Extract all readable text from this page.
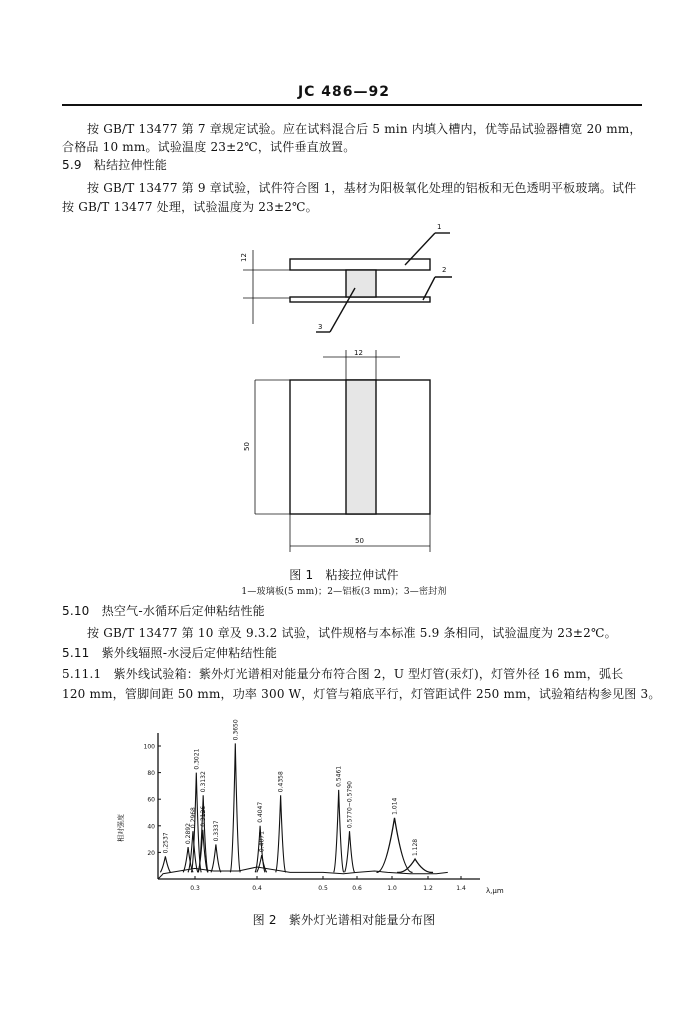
JC 486—92
按 GB/T 13477 第 7 章规定试验。应在试料混合后 5 min 内填入槽内，优等品试验器槽宽 20 mm，
合格品 10 mm。试验温度 23±2℃，试件垂直放置。
5.9　粘结拉伸性能
按 GB/T 13477 第 9 章试验，试件符合图 1，基材为阳极氧化处理的铝板和无色透明平板玻璃。试件
按 GB/T 13477 处理，试验温度为 23±2℃。
1
2
3
12
12
50
50
图 1　粘接拉伸试件
1—玻璃板(5 mm)；2—铝板(3 mm)；3—密封剂
5.10　热空气-水循环后定伸粘结性能
按 GB/T 13477 第 10 章及 9.3.2 试验，试件规格与本标准 5.9 条相同，试验温度为 23±2℃。
5.11　紫外线辐照-水浸后定伸粘结性能
5.11.1　紫外线试验箱：紫外灯光谱相对能量分布符合图 2，U 型灯管(汞灯)，灯管外径 16 mm，弧长
120 mm，管脚间距 50 mm，功率 300 W，灯管与箱底平行，灯管距试件 250 mm，试验箱结构参见图 3。
20
40
60
80
100
0.3	0.4	0.5	0.6	1.0	1.2	1.4
0.2537	0.2892
0.2968
0.3021
0.3126
0.3132
0.3337
0.3650
0.4047
0.4071
0.4358	0.5461
0.5770~0.5790	1.014
1.128
相对强度
λ,μm
图 2　紫外灯光谱相对能量分布图
